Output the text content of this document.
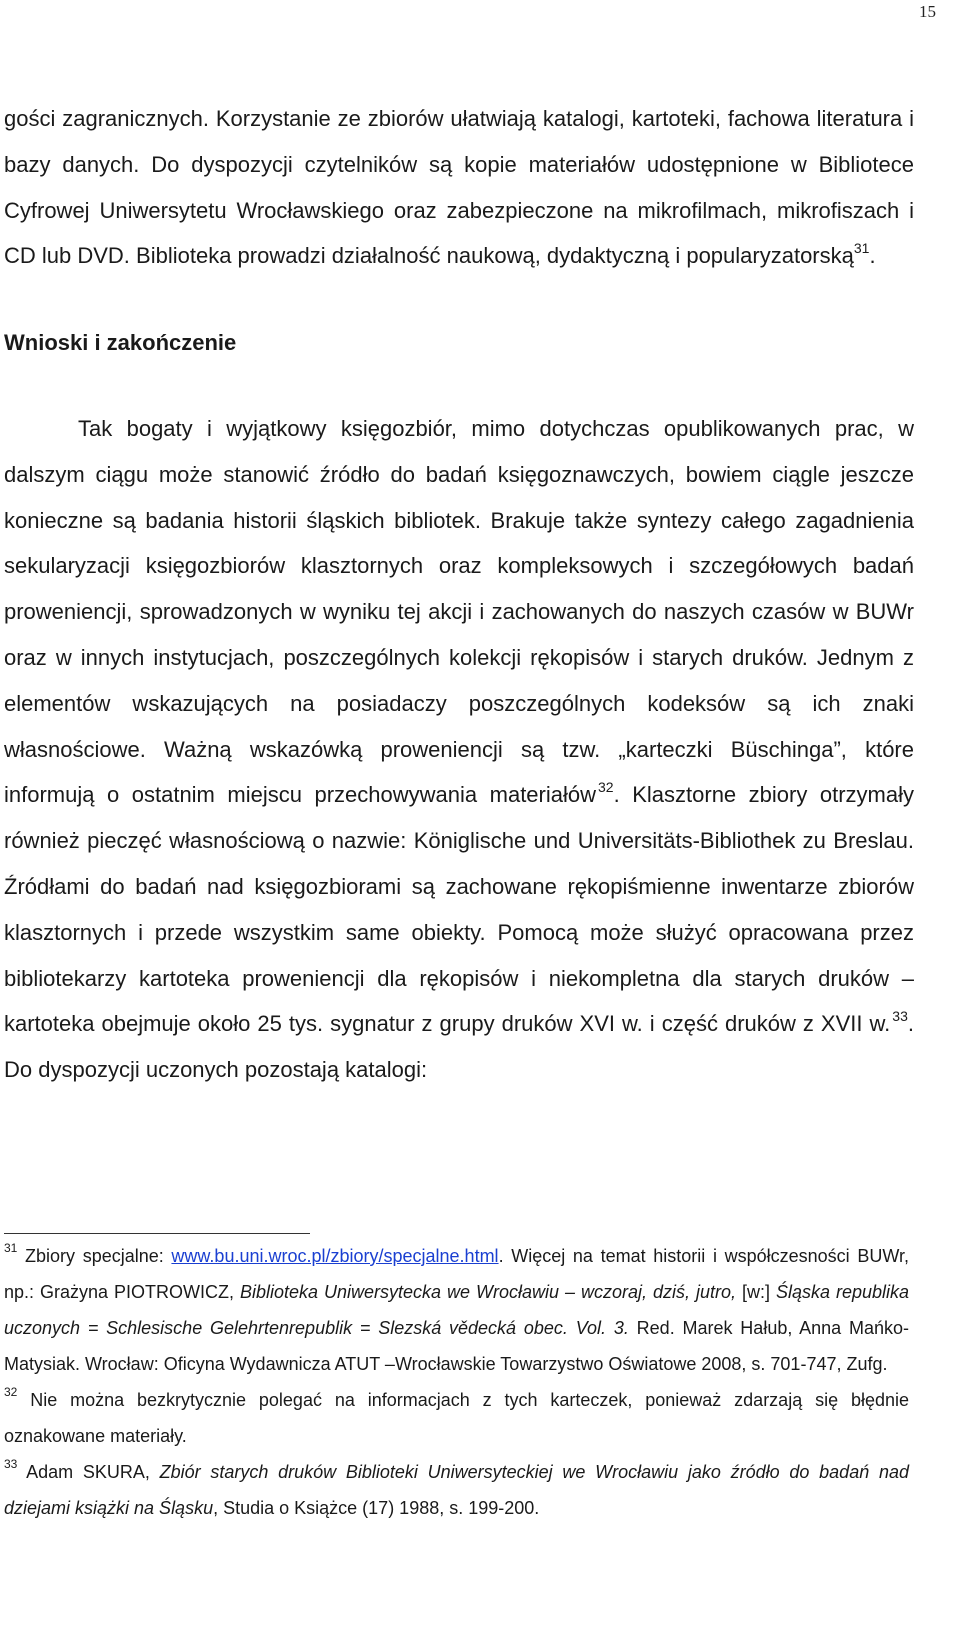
15

gości zagranicznych. Korzystanie ze zbiorów ułatwiają katalogi, kartoteki, fachowa literatura i bazy danych. Do dyspozycji czytelników są kopie materiałów udostępnione w Bibliotece Cyfrowej Uniwersytetu Wrocławskiego oraz zabezpieczone na mikrofilmach, mikrofiszach i CD lub DVD. Biblioteka prowadzi działalność naukową, dydaktyczną i popularyzatorską$^{31}$.

Wnioski i zakończenie

Tak bogaty i wyjątkowy księgozbiór, mimo dotychczas opublikowanych prac, w dalszym ciągu może stanowić źródło do badań księgoznawczych, bowiem ciągle jeszcze konieczne są badania historii śląskich bibliotek. Brakuje także syntezy całego zagadnienia sekularyzacji księgozbiorów klasztornych oraz kompleksowych i szczegółowych badań proweniencji, sprowadzonych w wyniku tej akcji i zachowanych do naszych czasów w BUWr oraz w innych instytucjach, poszczególnych kolekcji rękopisów i starych druków. Jednym z elementów wskazujących na posiadaczy poszczególnych kodeksów są ich znaki własnościowe. Ważną wskazówką proweniencji są tzw. „karteczki Büschinga”, które informują o ostatnim miejscu przechowywania materiałów $^{32}$. Klasztorne zbiory otrzymały również pieczęć własnościową o nazwie: Königlische und Universitäts-Bibliothek zu Breslau. Źródłami do badań nad księgozbiorami są zachowane rękopiśmienne inwentarze zbiorów klasztornych i przede wszystkim same obiekty. Pomocą może służyć opracowana przez bibliotekarzy kartoteka proweniencji dla rękopisów i niekompletna dla starych druków – kartoteka obejmuje około 25 tys. sygnatur z grupy druków XVI w. i część druków z XVII w. $^{33}$. Do dyspozycji uczonych pozostają katalogi:

$^{31}$ Zbiory specjalne: www.bu.uni.wroc.pl/zbiory/specjalne.html. Więcej na temat historii i współczesności BUWr, np.: Grażyna PIOTROWICZ, Biblioteka Uniwersytecka we Wrocławiu – wczoraj, dziś, jutro, [w:] Śląska republika uczonych = Schlesische Gelehrtenrepublik = Slezská vědecká obec. Vol. 3. Red. Marek Hałub, Anna Mańko-Matysiak. Wrocław: Oficyna Wydawnicza ATUT –Wrocławskie Towarzystwo Oświatowe 2008, s. 701-747, Zufg.

$^{32}$ Nie można bezkrytycznie polegać na informacjach z tych karteczek, ponieważ zdarzają się błędnie oznakowane materiały.

$^{33}$ Adam SKURA, Zbiór starych druków Biblioteki Uniwersyteckiej we Wrocławiu jako źródło do badań nad dziejami książki na Śląsku, Studia o Książce (17) 1988, s. 199-200.
